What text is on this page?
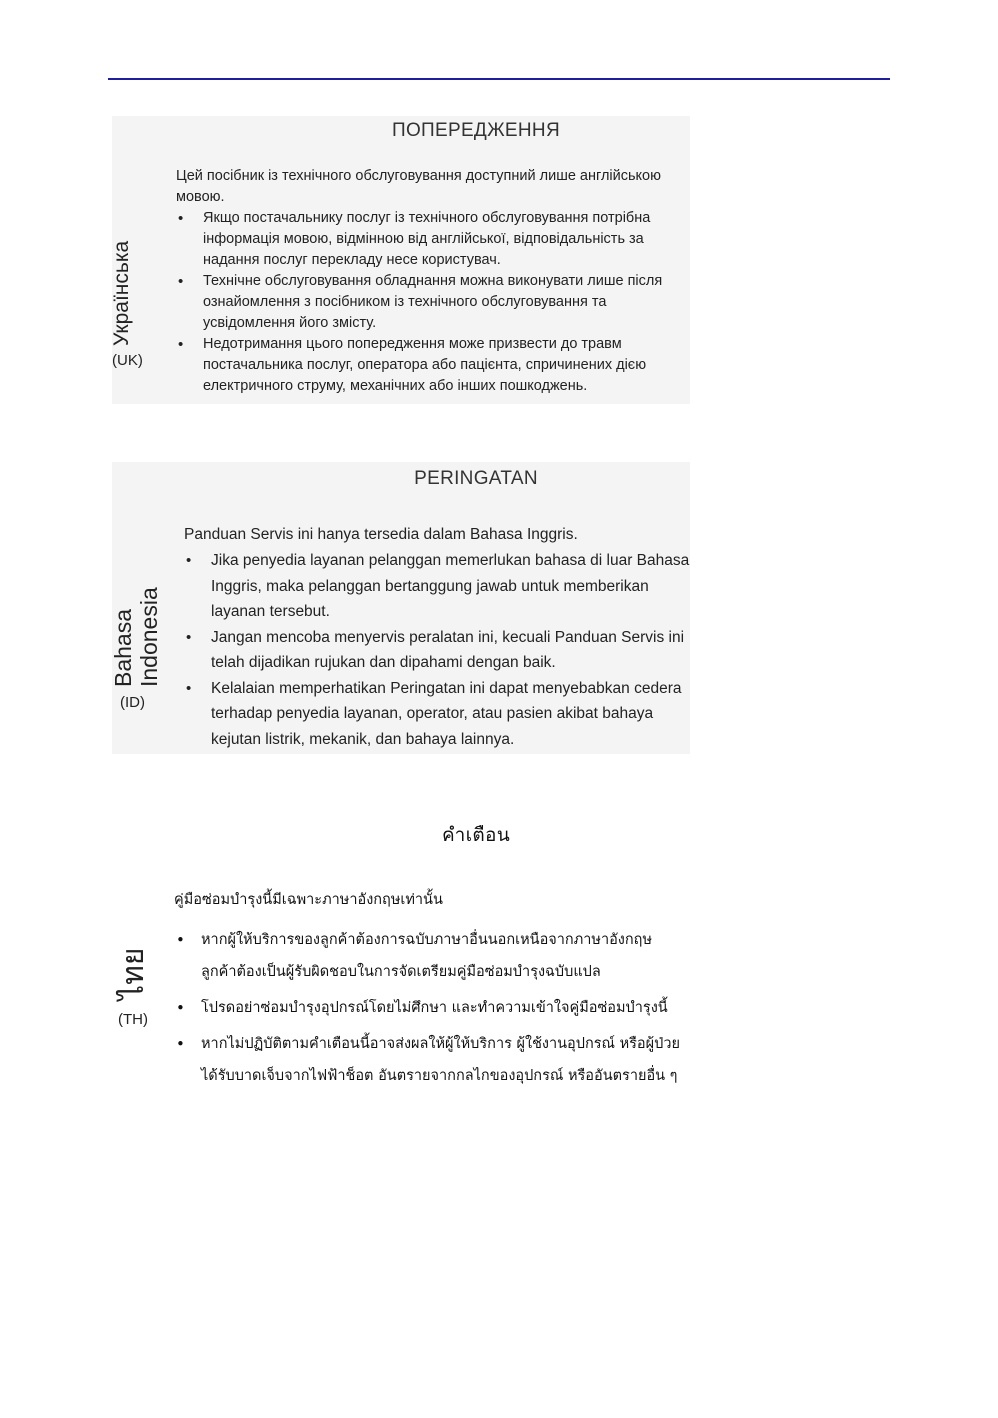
Українська
(UK)
ПОПЕРЕДЖЕННЯ
Цей посібник із технічного обслуговування доступний лише англійською мовою.
• Якщо постачальнику послуг із технічного обслуговування потрібна інформація мовою, відмінною від англійської, відповідальність за надання послуг перекладу несе користувач.
• Технічне обслуговування обладнання можна виконувати лише після ознайомлення з посібником із технічного обслуговування та усвідомлення його змісту.
• Недотримання цього попередження може призвести до травм постачальника послуг, оператора або пацієнта, спричинених дією електричного струму, механічних або інших пошкоджень.
Bahasa Indonesia
(ID)
PERINGATAN
Panduan Servis ini hanya tersedia dalam Bahasa Inggris.
• Jika penyedia layanan pelanggan memerlukan bahasa di luar Bahasa Inggris, maka pelanggan bertanggung jawab untuk memberikan layanan tersebut.
• Jangan mencoba menyervis peralatan ini, kecuali Panduan Servis ini telah dijadikan rujukan dan dipahami dengan baik.
• Kelalaian memperhatikan Peringatan ini dapat menyebabkan cedera terhadap penyedia layanan, operator, atau pasien akibat bahaya kejutan listrik, mekanik, dan bahaya lainnya.
ไทย
(TH)
คำเตือน
คู่มือซ่อมบำรุงนี้มีเฉพาะภาษาอังกฤษเท่านั้น
• หากผู้ให้บริการของลูกค้าต้องการฉบับภาษาอื่นนอกเหนือจากภาษาอังกฤษ ลูกค้าต้องเป็นผู้รับผิดชอบในการจัดเตรียมคู่มือซ่อมบำรุงฉบับแปล
• โปรดอย่าซ่อมบำรุงอุปกรณ์โดยไม่ศึกษา และทำความเข้าใจคู่มือซ่อมบำรุงนี้
• หากไม่ปฏิบัติตามคำเตือนนี้อาจส่งผลให้ผู้ให้บริการ ผู้ใช้งานอุปกรณ์ หรือผู้ป่วยได้รับบาดเจ็บจากไฟฟ้าช็อต อันตรายจากกลไกของอุปกรณ์ หรืออันตรายอื่น ๆ
